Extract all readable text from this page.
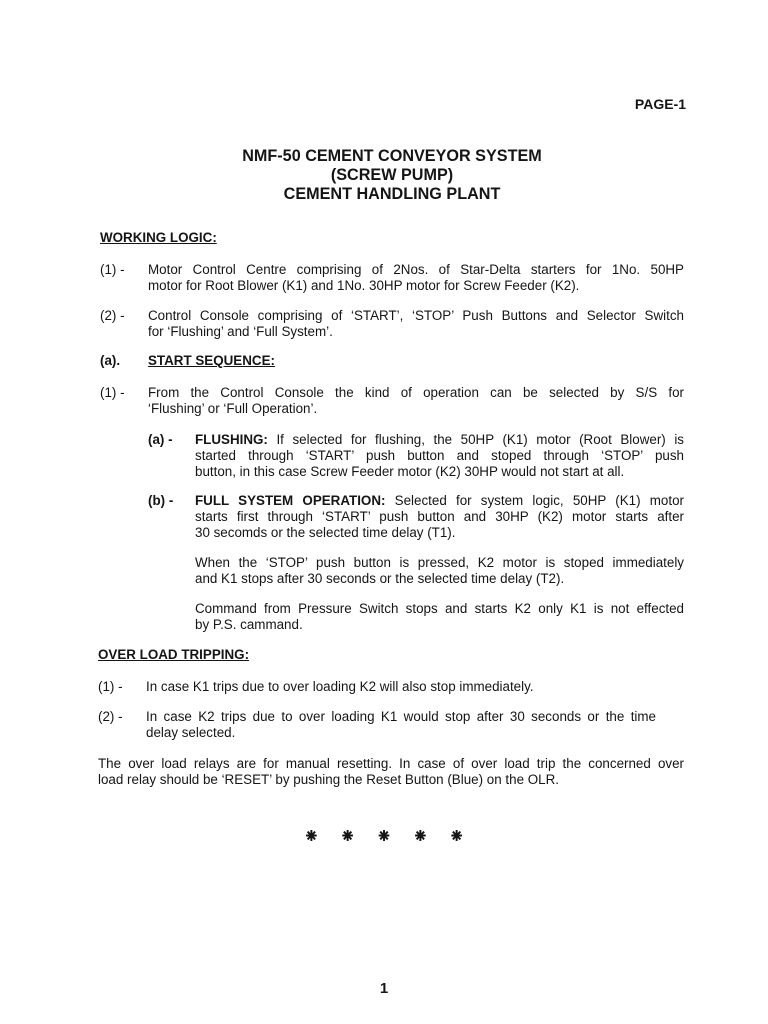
PAGE-1
NMF-50 CEMENT CONVEYOR SYSTEM
(SCREW PUMP)
CEMENT HANDLING PLANT
WORKING LOGIC:
(1) - Motor Control Centre comprising of 2Nos. of Star-Delta starters for 1No. 50HP
motor for Root Blower (K1) and 1No. 30HP motor for Screw Feeder (K2).
(2) - Control Console comprising of ‘START’, ‘STOP’ Push Buttons and Selector Switch
for ‘Flushing’ and ‘Full System’.
(a). START SEQUENCE:
(1) - From the Control Console the kind of operation can be selected by S/S for
‘Flushing’ or ‘Full Operation’.
(a) - FLUSHING: If selected for flushing, the 50HP (K1) motor (Root Blower) is
started through ‘START’ push button and stoped through ‘STOP’ push
button, in this case Screw Feeder motor (K2) 30HP would not start at all.
(b) - FULL SYSTEM OPERATION: Selected for system logic, 50HP (K1) motor
starts first through ‘START’ push button and 30HP (K2) motor starts after
30 secomds or the selected time delay (T1).
When the ‘STOP’ push button is pressed, K2 motor is stoped immediately
and K1 stops after 30 seconds or the selected time delay (T2).
Command from Pressure Switch stops and starts K2 only K1 is not effected
by P.S. cammand.
OVER LOAD TRIPPING:
(1) - In case K1 trips due to over loading K2 will also stop immediately.
(2) - In case K2 trips due to over loading K1 would stop after 30 seconds or the time
delay selected.
The over load relays are for manual resetting. In case of over load trip the concerned over
load relay should be ‘RESET’ by pushing the Reset Button (Blue) on the OLR.
⁕ ⁕ ⁕ ⁕ ⁕
1
